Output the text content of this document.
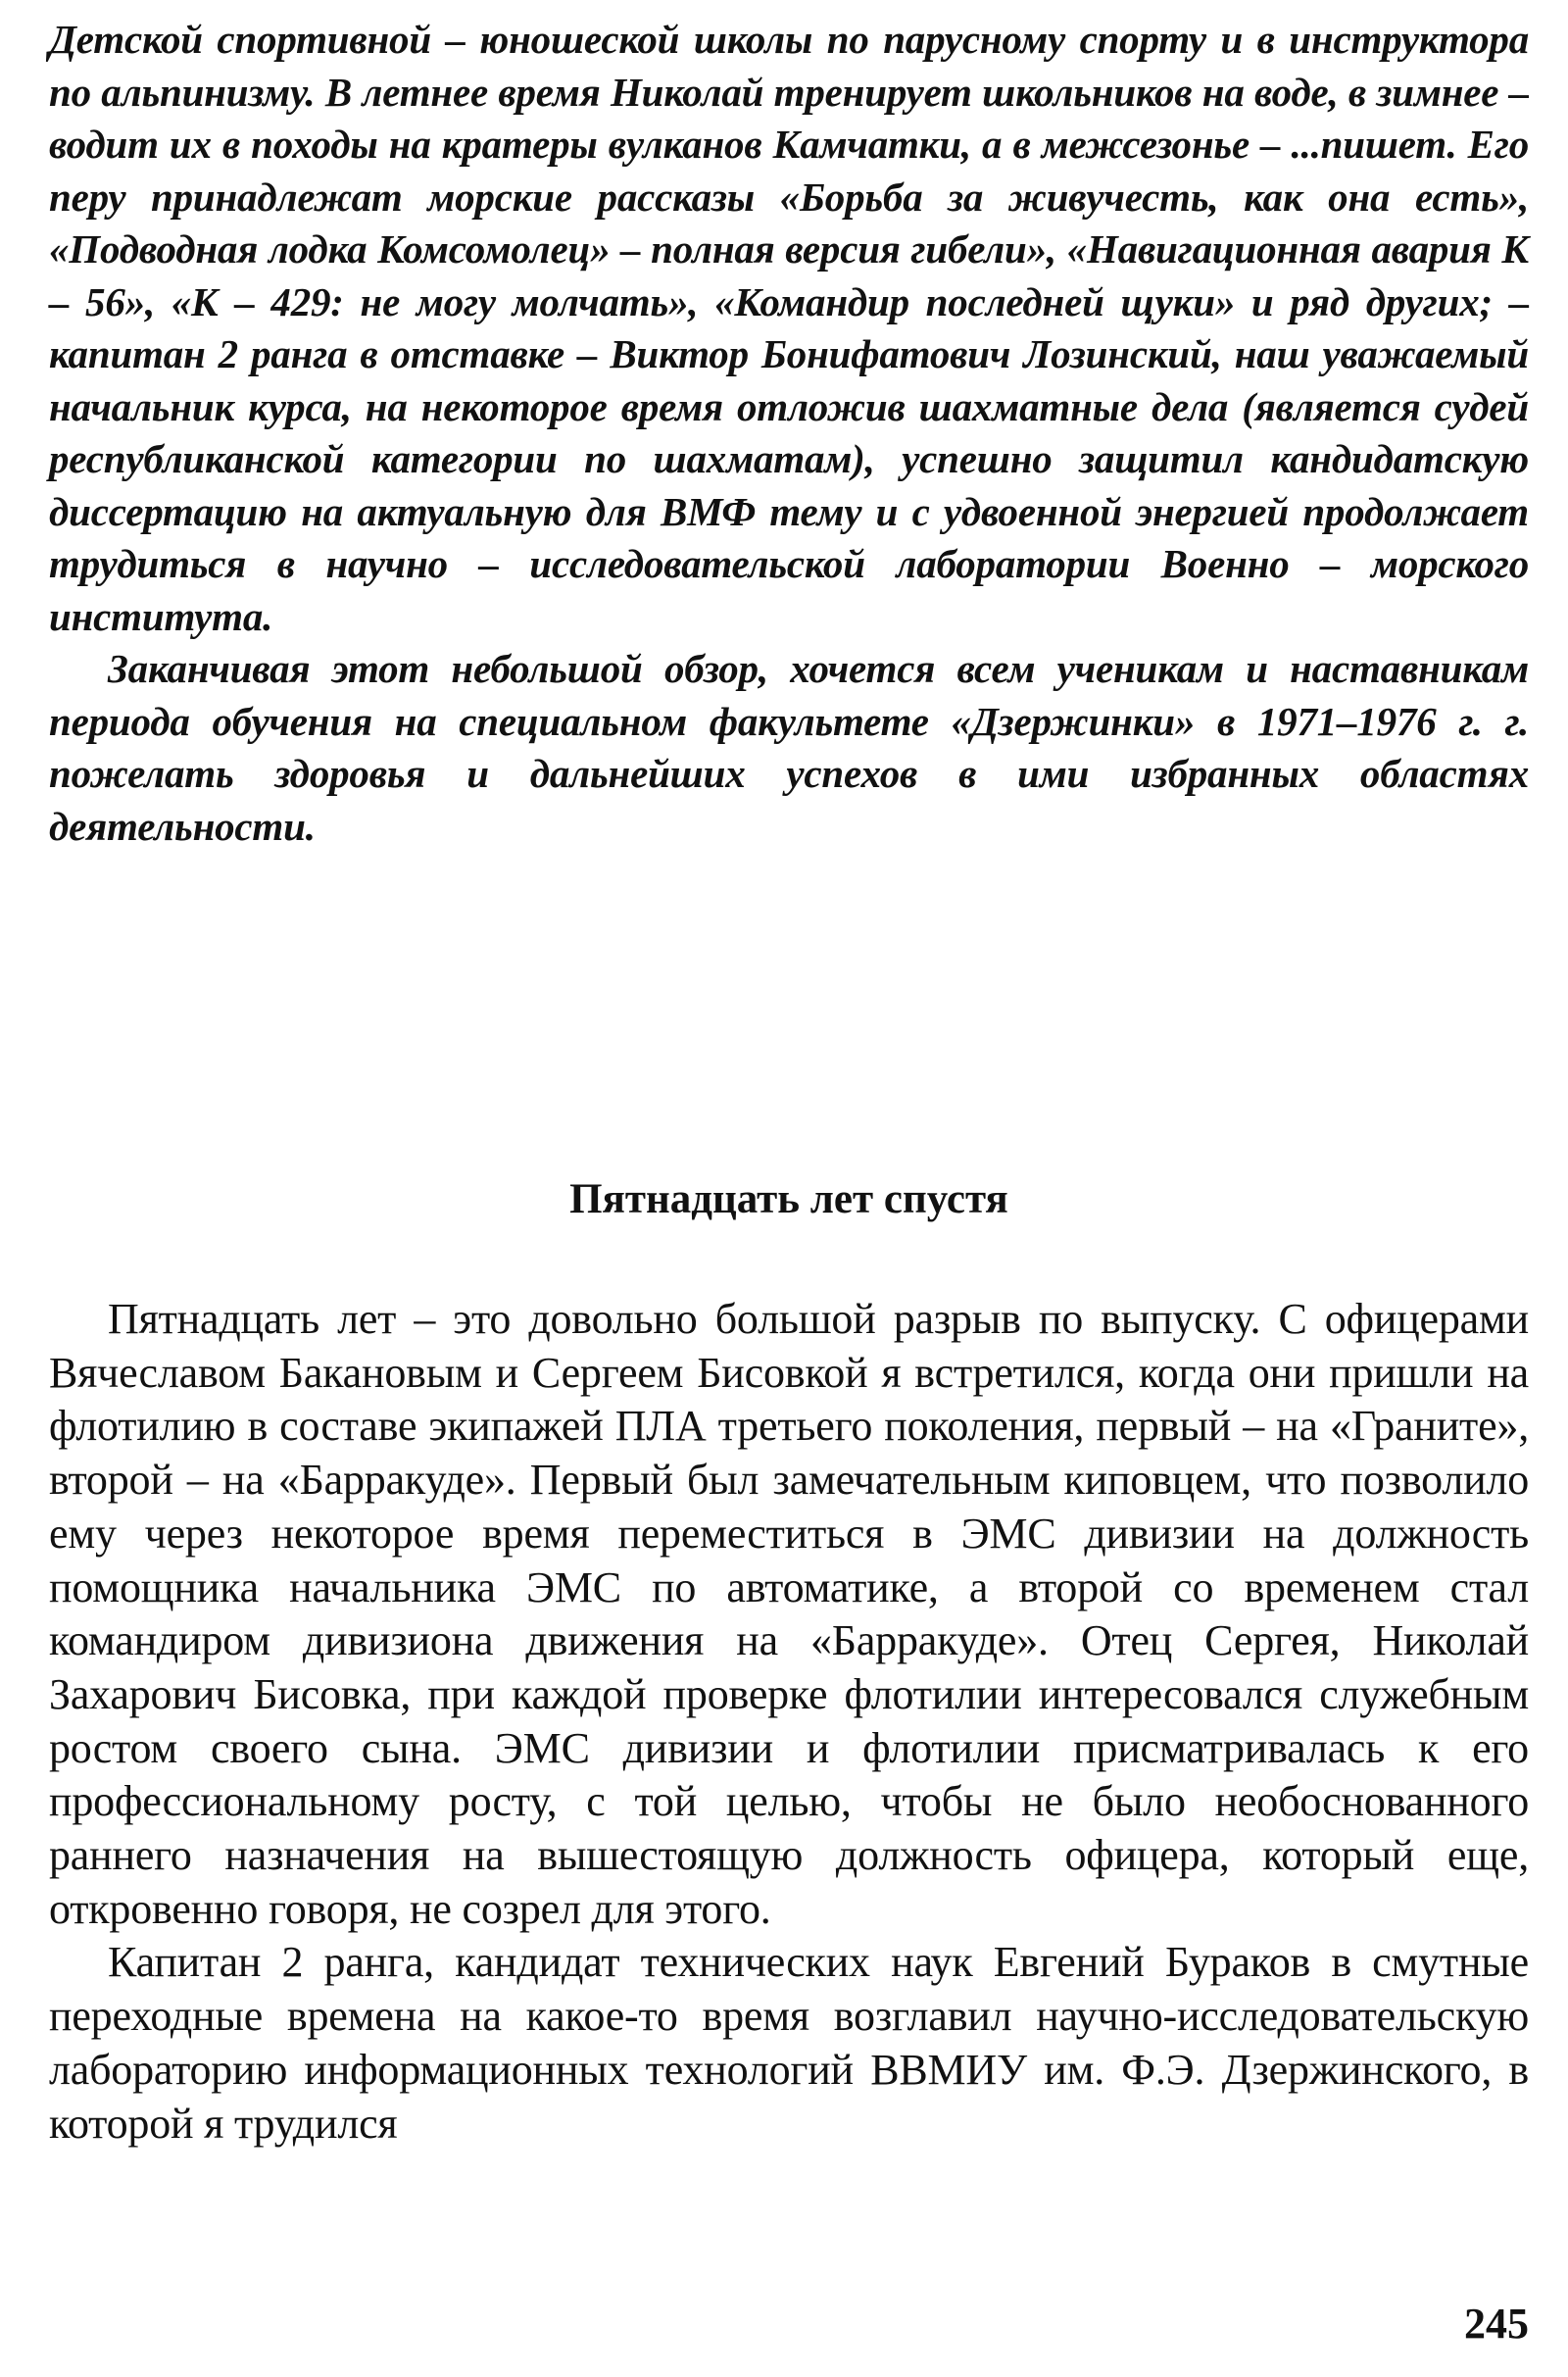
Детской спортивной – юношеской школы по парусному спорту и в инструктора по альпинизму. В летнее время Николай тренирует школьников на воде, в зимнее – водит их в походы на кратеры вулканов Камчатки, а в межсезонье – ...пишет. Его перу принадлежат морские рассказы «Борьба за живучесть, как она есть», «Подводная лодка Комсомолец» – полная версия гибели», «Навигационная авария К – 56», «К – 429: не могу молчать», «Командир последней щуки» и ряд других; – капитан 2 ранга в отставке – Виктор Бонифатович Лозинский, наш уважаемый начальник курса, на некоторое время отложив шахматные дела (является судей республиканской категории по шахматам), успешно защитил кандидатскую диссертацию на актуальную для ВМФ тему и с удвоенной энергией продолжает трудиться в научно – исследовательской лаборатории Военно – морского института.

Заканчивая этот небольшой обзор, хочется всем ученикам и наставникам периода обучения на специальном факультете «Дзержинки» в 1971–1976 г. г. пожелать здоровья и дальнейших успехов в ими избранных областях деятельности.

Пятнадцать лет спустя

Пятнадцать лет – это довольно большой разрыв по выпуску. С офицерами Вячеславом Бакановым и Сергеем Бисовкой я встретился, когда они пришли на флотилию в составе экипажей ПЛА третьего поколения, первый – на «Граните», второй – на «Барракуде». Первый был замечательным киповцем, что позволило ему через некоторое время переместиться в ЭМС дивизии на должность помощника начальника ЭМС по автоматике, а второй со временем стал командиром дивизиона движения на «Барракуде». Отец Сергея, Николай Захарович Бисовка, при каждой проверке флотилии интересовался служебным ростом своего сына. ЭМС дивизии и флотилии присматривалась к его профессиональному росту, с той целью, чтобы не было необоснованного раннего назначения на вышестоящую должность офицера, который еще, откровенно говоря, не созрел для этого.

Капитан 2 ранга, кандидат технических наук Евгений Бураков в смутные переходные времена на какое-то время возглавил научно-исследовательскую лабораторию информационных технологий ВВМИУ им. Ф.Э. Дзержинского, в которой я трудился

245
